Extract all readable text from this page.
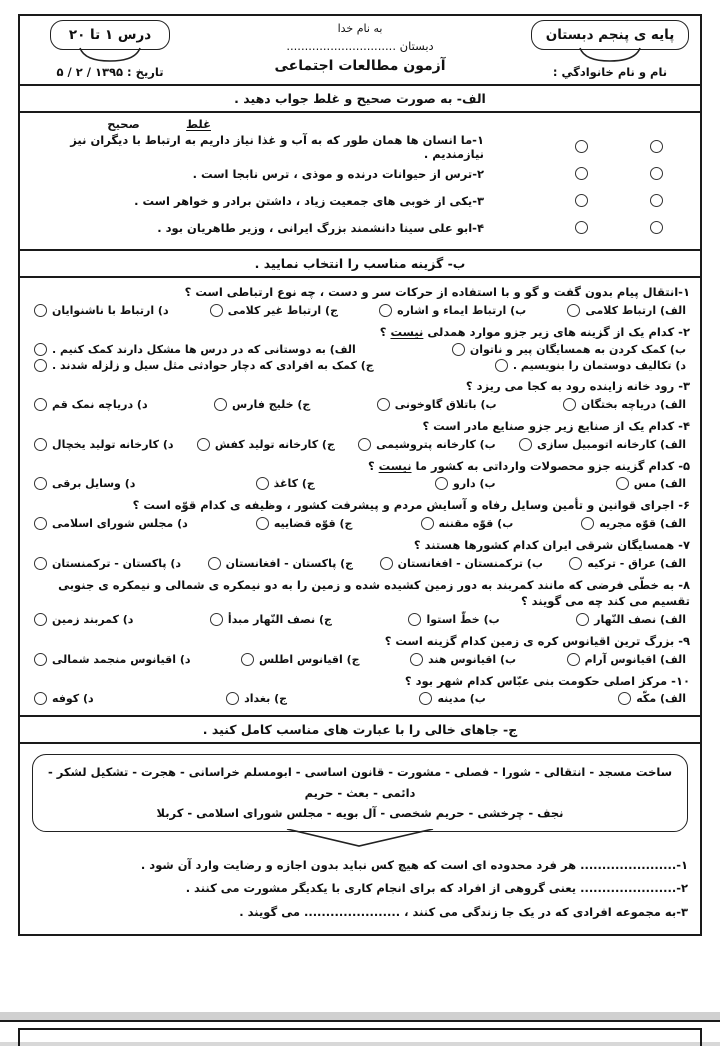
پایه ی پنجم دبستان
نام و نام خانوادگي :
به نام خدا
دبستان ..............................
آزمون مطالعات اجتماعی
درس ۱ تا ۲۰
تاریخ : ۱۳۹۵ / ۲ / ۵
الف- به صورت صحیح و غلط جواب دهید .
غلط
صحیح
۱-ما انسان ها همان طور که به آب و غذا نیاز داریم به ارتباط با دیگران نیز نیازمندیم .
۲-ترس از حیوانات درنده و موذی ، ترس نابجا است .
۳-یکی از خوبی های جمعیت زیاد ، داشتن برادر و خواهر است .
۴-ابو علی سینا دانشمند بزرگ ایرانی ، وزیر طاهریان بود .
ب- گزینه مناسب را انتخاب نمایید .
۱-انتقال پیام بدون گفت و گو و با استفاده از حرکات سر و دست ، چه نوع ارتباطی است ؟
الف) ارتباط کلامی
ب) ارتباط ایماء و اشاره
ج) ارتباط غیر کلامی
د) ارتباط با ناشنوایان
۲- کدام یک از گزینه های زیر جزو موارد همدلی نیست ؟
ب) کمک کردن به همسایگان پیر و ناتوان
الف) به دوستانی که در درس ها مشکل دارند کمک کنیم .
د) تکالیف دوستمان را بنویسیم .
ج) کمک به افرادی که دچار حوادثی مثل سیل و زلزله شدند .
۳- رود خانه زاینده رود به کجا می ریزد ؟
الف) دریاچه بختگان
ب) باتلاق گاوخونی
ج) خلیج فارس
د) دریاچه نمک قم
۴- کدام یک از صنایع زیر جزو صنایع مادر است ؟
الف) کارخانه اتومبیل سازی
ب) کارخانه پتروشیمی
ج) کارخانه تولید کفش
د) کارخانه تولید یخچال
۵- کدام گزینه جزو محصولات وارداتی به کشور ما نیست ؟
الف) مس
ب) دارو
ج) کاغذ
د) وسایل برقی
۶- اجرای قوانین و تأمین وسایل رفاه و آسایش مردم و پیشرفت کشور ، وظیفه ی کدام قوّه است ؟
الف) قوّه مجریه
ب) قوّه مقننه
ج) قوّه قضاییه
د) مجلس شورای اسلامی
۷- همسایگان شرقی ایران کدام کشورها هستند ؟
الف) عراق - ترکیه
ب) ترکمنستان - افغانستان
ج) پاکستان - افغانستان
د) پاکستان - ترکمنستان
۸- به خطّی فرضی که مانند کمربند به دور زمین کشیده شده و زمین را به دو نیمکره ی شمالی و نیمکره ی جنوبی تقسیم می کند چه می گویند ؟
الف) نصف النّهار
ب) خطّ استوا
ج) نصف النّهار مبدأ
د) کمربند زمین
۹- بزرگ ترین اقیانوس کره ی زمین کدام گزینه است ؟
الف) اقیانوس آرام
ب) اقیانوس هند
ج) اقیانوس اطلس
د) اقیانوس منجمد شمالی
۱۰- مرکز اصلی حکومت بنی عبّاس کدام شهر بود ؟
الف) مکّه
ب) مدینه
ج) بغداد
د) کوفه
ج- جاهای خالی را با عبارت های مناسب کامل کنید .
ساخت مسجد - انتقالی - شورا - فصلی - مشورت - قانون اساسی - ابومسلم خراسانی - هجرت - تشکیل لشکر - دائمی - بعث - حریم
نجف - چرخشی - حریم شخصی - آل بویه - مجلس شورای اسلامی - کربلا
۱-...................... هر فرد محدوده ای است که هیچ کس نباید بدون اجازه و رضایت وارد آن شود .
۲-...................... یعنی گروهی از افراد که برای انجام کاری با یکدیگر مشورت می کنند .
۳-به مجموعه افرادی که در یک جا زندگی می کنند ، ...................... می گویند .
